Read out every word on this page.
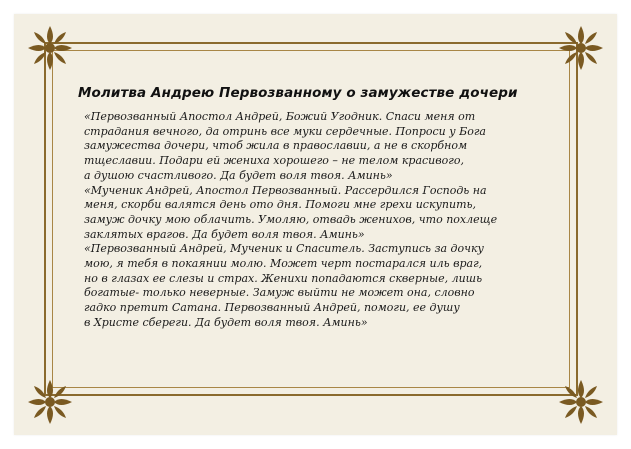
Молитва Андрею Первозванному о замужестве дочери
«Первозванный Апостол Андрей, Божий Угодник. Спаси меня от
страдания вечного, да отринь все муки сердечные. Попроси у Бога
замужества дочери, чтоб жила в православии, а не в скорбном
тщеславии. Подари ей жениха хорошего – не телом красивого,
а душою счастливого. Да будет воля твоя. Аминь»
«Мученик Андрей, Апостол Первозванный. Рассердился Господь на
меня, скорби валятся день ото дня. Помоги мне грехи искупить,
замуж дочку мою облачить. Умоляю, отвадь женихов, что похлеще
заклятых врагов. Да будет воля твоя. Аминь»
«Первозванный Андрей, Мученик и Спаситель. Заступись за дочку
мою, я тебя в покаянии молю. Может черт постарался иль враг,
но в глазах ее слезы и страх. Женихи попадаются скверные, лишь
богатые- только неверные. Замуж выйти не может она, словно
гадко претит Сатана. Первозванный Андрей, помоги, ее душу
в Христе сбереги. Да будет воля твоя. Аминь»
